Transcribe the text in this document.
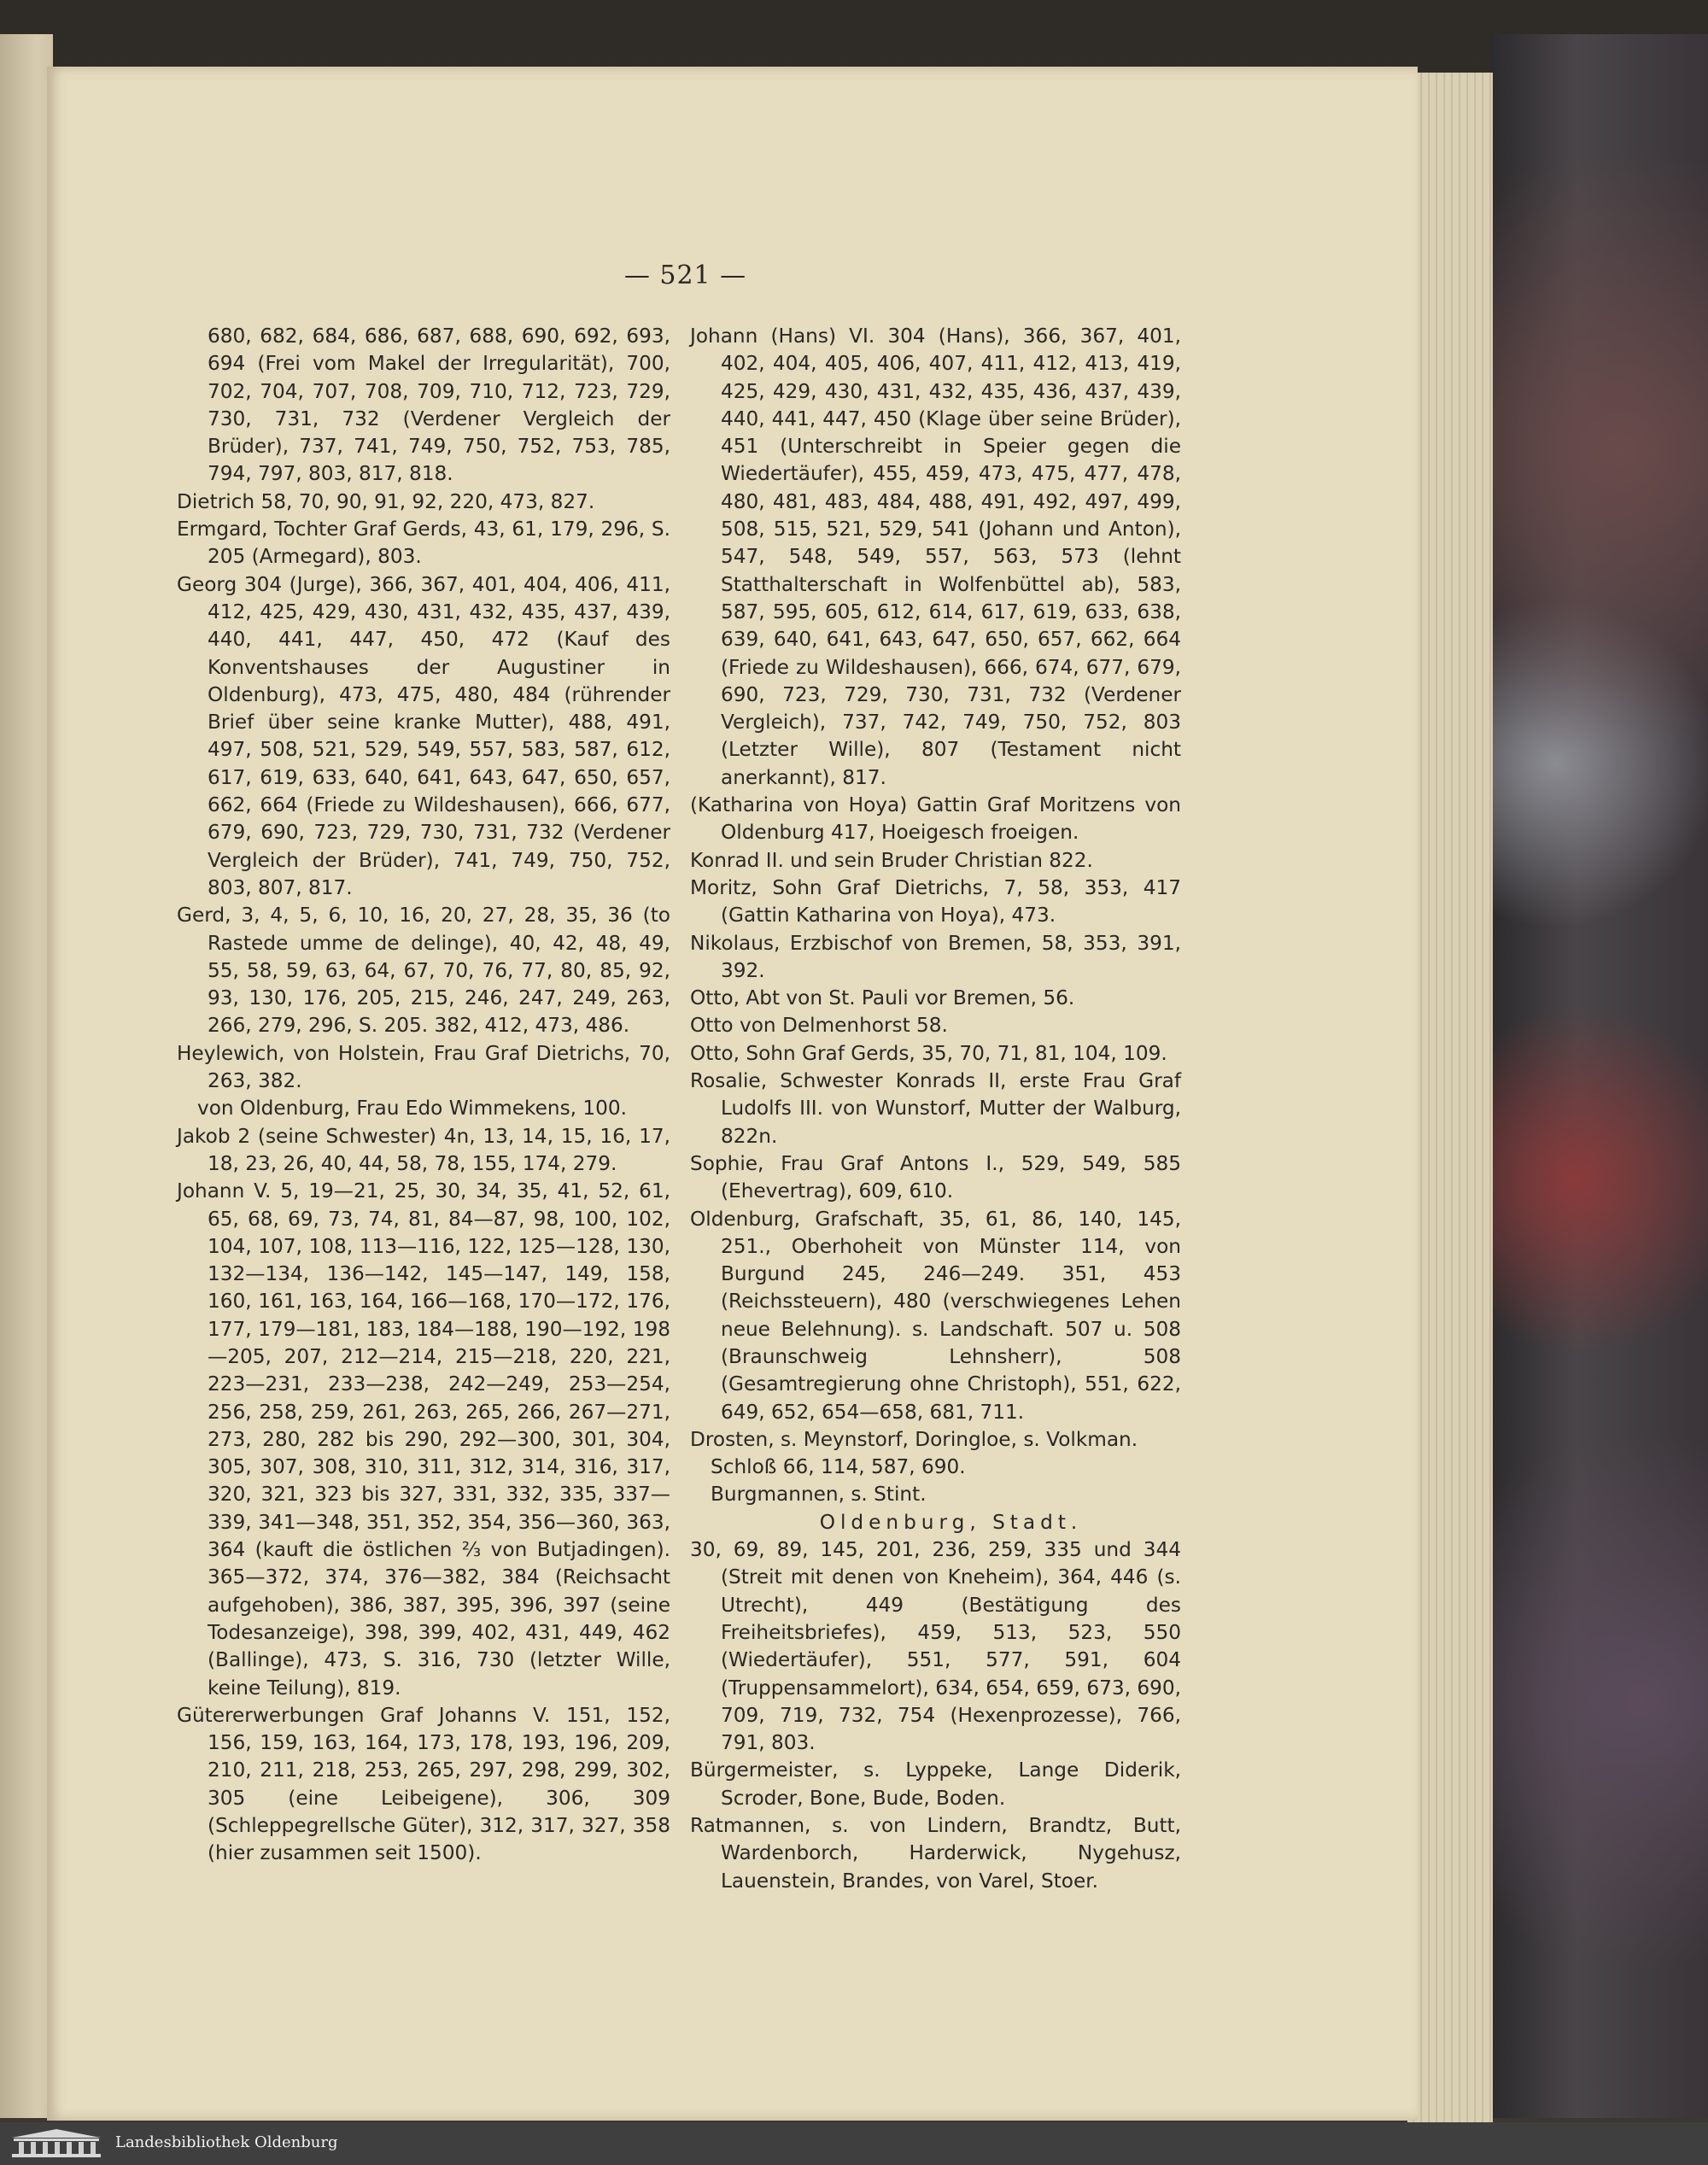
— 521 —
680, 682, 684, 686, 687, 688, 690, 692, 693, 694 (Frei vom Makel der Irregularität), 700, 702, 704, 707, 708, 709, 710, 712, 723, 729, 730, 731, 732 (Verdener Vergleich der Brüder), 737, 741, 749, 750, 752, 753, 785, 794, 797, 803, 817, 818.
Dietrich 58, 70, 90, 91, 92, 220, 473, 827.
Ermgard, Tochter Graf Gerds, 43, 61, 179, 296, S. 205 (Armegard), 803.
Georg 304 (Jurge), 366, 367, 401, 404, 406, 411, 412, 425, 429, 430, 431, 432, 435, 437, 439, 440, 441, 447, 450, 472 (Kauf des Konventshauses der Augustiner in Oldenburg), 473, 475, 480, 484 (rührender Brief über seine kranke Mutter), 488, 491, 497, 508, 521, 529, 549, 557, 583, 587, 612, 617, 619, 633, 640, 641, 643, 647, 650, 657, 662, 664 (Friede zu Wildeshausen), 666, 677, 679, 690, 723, 729, 730, 731, 732 (Verdener Vergleich der Brüder), 741, 749, 750, 752, 803, 807, 817.
Gerd, 3, 4, 5, 6, 10, 16, 20, 27, 28, 35, 36 (to Rastede umme de delinge), 40, 42, 48, 49, 55, 58, 59, 63, 64, 67, 70, 76, 77, 80, 85, 92, 93, 130, 176, 205, 215, 246, 247, 249, 263, 266, 279, 296, S. 205. 382, 412, 473, 486.
Heylewich, von Holstein, Frau Graf Dietrichs, 70, 263, 382.
von Oldenburg, Frau Edo Wimmekens, 100.
Jakob 2 (seine Schwester) 4n, 13, 14, 15, 16, 17, 18, 23, 26, 40, 44, 58, 78, 155, 174, 279.
Johann V. 5, 19—21, 25, 30, 34, 35, 41, 52, 61, 65, 68, 69, 73, 74, 81, 84—87, 98, 100, 102, 104, 107, 108, 113—116, 122, 125—128, 130, 132—134, 136—142, 145—147, 149, 158, 160, 161, 163, 164, 166—168, 170—172, 176, 177, 179—181, 183, 184—188, 190—192, 198—205, 207, 212—214, 215—218, 220, 221, 223—231, 233—238, 242—249, 253—254, 256, 258, 259, 261, 263, 265, 266, 267—271, 273, 280, 282 bis 290, 292—300, 301, 304, 305, 307, 308, 310, 311, 312, 314, 316, 317, 320, 321, 323 bis 327, 331, 332, 335, 337—339, 341—348, 351, 352, 354, 356—360, 363, 364 (kauft die östlichen ⅔ von Butjadingen). 365—372, 374, 376—382, 384 (Reichsacht aufgehoben), 386, 387, 395, 396, 397 (seine Todesanzeige), 398, 399, 402, 431, 449, 462 (Ballinge), 473, S. 316, 730 (letzter Wille, keine Teilung), 819.
Gütererwerbungen Graf Johanns V. 151, 152, 156, 159, 163, 164, 173, 178, 193, 196, 209, 210, 211, 218, 253, 265, 297, 298, 299, 302, 305 (eine Leibeigene), 306, 309 (Schleppegrellsche Güter), 312, 317, 327, 358 (hier zusammen seit 1500).
Johann (Hans) VI. 304 (Hans), 366, 367, 401, 402, 404, 405, 406, 407, 411, 412, 413, 419, 425, 429, 430, 431, 432, 435, 436, 437, 439, 440, 441, 447, 450 (Klage über seine Brüder), 451 (Unterschreibt in Speier gegen die Wiedertäufer), 455, 459, 473, 475, 477, 478, 480, 481, 483, 484, 488, 491, 492, 497, 499, 508, 515, 521, 529, 541 (Johann und Anton), 547, 548, 549, 557, 563, 573 (lehnt Statthalterschaft in Wolfenbüttel ab), 583, 587, 595, 605, 612, 614, 617, 619, 633, 638, 639, 640, 641, 643, 647, 650, 657, 662, 664 (Friede zu Wildeshausen), 666, 674, 677, 679, 690, 723, 729, 730, 731, 732 (Verdener Vergleich), 737, 742, 749, 750, 752, 803 (Letzter Wille), 807 (Testament nicht anerkannt), 817.
(Katharina von Hoya) Gattin Graf Moritzens von Oldenburg 417, Hoeigesch froeigen.
Konrad II. und sein Bruder Christian 822.
Moritz, Sohn Graf Dietrichs, 7, 58, 353, 417 (Gattin Katharina von Hoya), 473.
Nikolaus, Erzbischof von Bremen, 58, 353, 391, 392.
Otto, Abt von St. Pauli vor Bremen, 56.
Otto von Delmenhorst 58.
Otto, Sohn Graf Gerds, 35, 70, 71, 81, 104, 109.
Rosalie, Schwester Konrads II, erste Frau Graf Ludolfs III. von Wunstorf, Mutter der Walburg, 822n.
Sophie, Frau Graf Antons I., 529, 549, 585 (Ehevertrag), 609, 610.
Oldenburg, Grafschaft, 35, 61, 86, 140, 145, 251., Oberhoheit von Münster 114, von Burgund 245, 246—249. 351, 453 (Reichssteuern), 480 (verschwiegenes Lehen neue Belehnung). s. Landschaft. 507 u. 508 (Braunschweig Lehnsherr), 508 (Gesamtregierung ohne Christoph), 551, 622, 649, 652, 654—658, 681, 711.
Drosten, s. Meynstorf, Doringloe, s. Volkman.
Schloß 66, 114, 587, 690.
Burgmannen, s. Stint.
Oldenburg, Stadt.
30, 69, 89, 145, 201, 236, 259, 335 und 344 (Streit mit denen von Kneheim), 364, 446 (s. Utrecht), 449 (Bestätigung des Freiheitsbriefes), 459, 513, 523, 550 (Wiedertäufer), 551, 577, 591, 604 (Truppensammelort), 634, 654, 659, 673, 690, 709, 719, 732, 754 (Hexenprozesse), 766, 791, 803.
Bürgermeister, s. Lyppeke, Lange Diderik, Scroder, Bone, Bude, Boden.
Ratmannen, s. von Lindern, Brandtz, Butt, Wardenborch, Harderwick, Nygehusz, Lauenstein, Brandes, von Varel, Stoer.
Landesbibliothek Oldenburg
